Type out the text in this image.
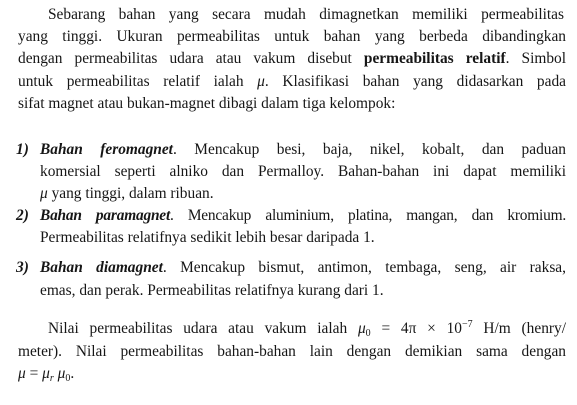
Sebarang bahan yang secara mudah dimagnetkan memiliki permeabilitas
yang tinggi. Ukuran permeabilitas untuk bahan yang berbeda dibandingkan
dengan permeabilitas udara atau vakum disebut permeabilitas relatif. Simbol
untuk permeabilitas relatif ialah μ. Klasifikasi bahan yang didasarkan pada
sifat magnet atau bukan-magnet dibagi dalam tiga kelompok:
1) Bahan feromagnet. Mencakup besi, baja, nikel, kobalt, dan paduan
komersial seperti alniko dan Permalloy. Bahan-bahan ini dapat memiliki
μ yang tinggi, dalam ribuan.
2) Bahan paramagnet. Mencakup aluminium, platina, mangan, dan kromium.
Permeabilitas relatifnya sedikit lebih besar daripada 1.
3) Bahan diamagnet. Mencakup bismut, antimon, tembaga, seng, air raksa,
emas, dan perak. Permeabilitas relatifnya kurang dari 1.
Nilai permeabilitas udara atau vakum ialah $\mu_0 = 4\pi \times 10^{-7}$ H/m (henry/
meter). Nilai permeabilitas bahan-bahan lain dengan demikian sama dengan
$\mu = \mu_r$ $\mu_0$.
